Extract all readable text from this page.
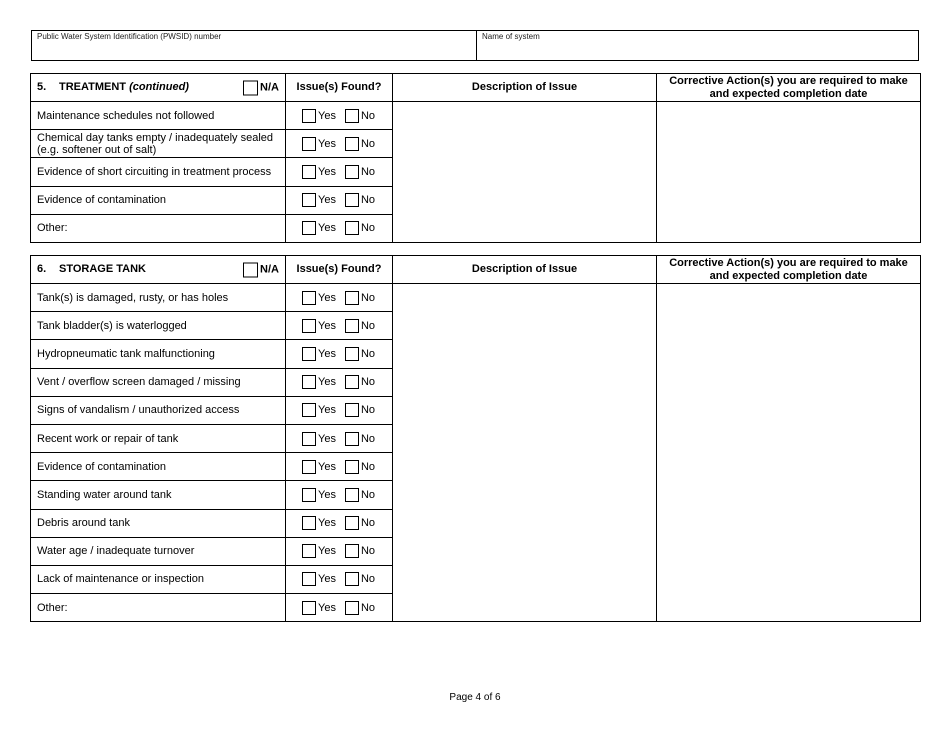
Public Water System Identification (PWSID) number	Name of system
5. TREATMENT (continued) N/A	Issue(s) Found?	Description of Issue	Corrective Action(s) you are required to make and expected completion date
Maintenance schedules not followed	Yes No		

Chemical day tanks empty / inadequately sealed (e.g. softener out of salt)	Yes No		

Evidence of short circuiting in treatment process	Yes No		

Evidence of contamination	Yes No		

Other:	Yes No		
6. STORAGE TANK N/A	Issue(s) Found?	Description of Issue	Corrective Action(s) you are required to make and expected completion date
Tank(s) is damaged, rusty, or has holes	Yes No		

Tank bladder(s) is waterlogged	Yes No		

Hydropneumatic tank malfunctioning	Yes No		

Vent / overflow screen damaged / missing	Yes No		

Signs of vandalism / unauthorized access	Yes No		

Recent work or repair of tank	Yes No		

Evidence of contamination	Yes No		

Standing water around tank	Yes No		

Debris around tank	Yes No		

Water age / inadequate turnover	Yes No		

Lack of maintenance or inspection	Yes No		

Other:	Yes No		
Page 4 of 6
